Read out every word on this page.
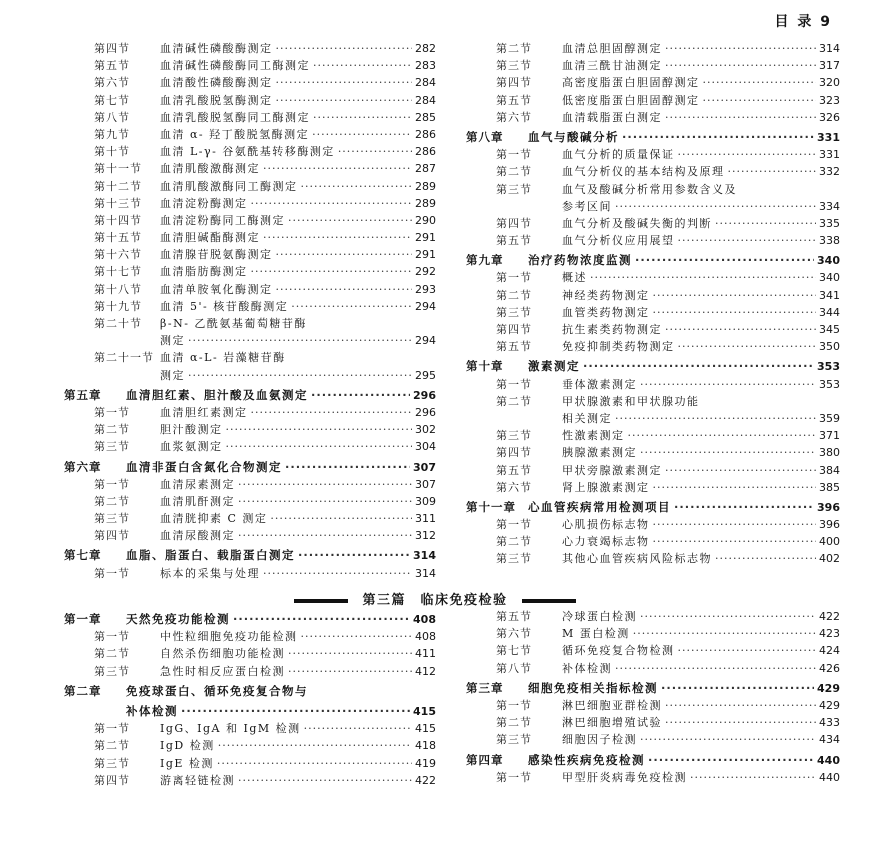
目 录 9
第四节	血清碱性磷酸酶测定 ·····	282
第五节	血清碱性磷酸酶同工酶测定 ·····	283
第六节	血清酸性磷酸酶测定 ·····	284
第七节	血清乳酸脱氢酶测定 ·····	284
第八节	血清乳酸脱氢酶同工酶测定 ·····	285
第九节	血清 α- 羟丁酸脱氢酶测定 ·····	286
第十节	血清 L-γ- 谷氨酰基转移酶测定 ·····	286
第十一节	血清肌酸激酶测定 ·····	287
第十二节	血清肌酸激酶同工酶测定 ·····	289
第十三节	血清淀粉酶测定 ·····	289
第十四节	血清淀粉酶同工酶测定 ·····	290
第十五节	血清胆碱酯酶测定 ·····	291
第十六节	血清腺苷脱氨酶测定 ·····	291
第十七节	血清脂肪酶测定 ·····	292
第十八节	血清单胺氧化酶测定 ·····	293
第十九节	血清 5'- 核苷酸酶测定 ·····	294
第二十节	β-N- 乙酰氨基葡萄糖苷酶
测定 ·····	294
第二十一节 血清 α-L- 岩藻糖苷酶
测定 ·····	295
第五章	血清胆红素、胆汁酸及血氨测定 ·····	296
第一节	血清胆红素测定 ·····	296
第二节	胆汁酸测定 ·····	302
第三节	血浆氨测定 ·····	304
第六章	血清非蛋白含氮化合物测定 ·····	307
第一节	血清尿素测定 ·····	307
第二节	血清肌酐测定 ·····	309
第三节	血清胱抑素 C 测定 ·····	311
第四节	血清尿酸测定 ·····	312
第七章	血脂、脂蛋白、载脂蛋白测定 ·····	314
第一节	标本的采集与处理 ·····	314
第二节	血清总胆固醇测定 ·····	314
第三节	血清三酰甘油测定 ·····	317
第四节	高密度脂蛋白胆固醇测定 ·····	320
第五节	低密度脂蛋白胆固醇测定 ·····	323
第六节	血清载脂蛋白测定 ·····	326
第八章	血气与酸碱分析 ·····	331
第一节	血气分析的质量保证 ·····	331
第二节	血气分析仪的基本结构及原理 ·····	332
第三节	血气及酸碱分析常用参数含义及
参考区间 ·····	334
第四节	血气分析及酸碱失衡的判断 ·····	335
第五节	血气分析仪应用展望 ·····	338
第九章	治疗药物浓度监测 ·····	340
第一节	概述 ·····	340
第二节	神经类药物测定 ·····	341
第三节	血管类药物测定 ·····	344
第四节	抗生素类药物测定 ·····	345
第五节	免疫抑制类药物测定 ·····	350
第十章	激素测定 ·····	353
第一节	垂体激素测定 ·····	353
第二节	甲状腺激素和甲状腺功能
相关测定 ·····	359
第三节	性激素测定 ·····	371
第四节	胰腺激素测定 ·····	380
第五节	甲状旁腺激素测定 ·····	384
第六节	肾上腺激素测定 ·····	385
第十一章	心血管疾病常用检测项目 ·····	396
第一节	心肌损伤标志物 ·····	396
第二节	心力衰竭标志物 ·····	400
第三节	其他心血管疾病风险标志物 ·····	402
第三篇　临床免疫检验
第一章	天然免疫功能检测 ·····	408
第一节	中性粒细胞免疫功能检测 ·····	408
第二节	自然杀伤细胞功能检测 ·····	411
第三节	急性时相反应蛋白检测 ·····	412
第二章	免疫球蛋白、循环免疫复合物与
补体检测 ·····	415
第一节	IgG、IgA 和 IgM 检测 ·····	415
第二节	IgD 检测 ·····	418
第三节	IgE 检测 ·····	419
第四节	游离轻链检测 ·····	422
第五节	冷球蛋白检测 ·····	422
第六节	M 蛋白检测 ·····	423
第七节	循环免疫复合物检测 ·····	424
第八节	补体检测 ·····	426
第三章	细胞免疫相关指标检测 ·····	429
第一节	淋巴细胞亚群检测 ·····	429
第二节	淋巴细胞增殖试验 ·····	433
第三节	细胞因子检测 ·····	434
第四章	感染性疾病免疫检测 ·····	440
第一节	甲型肝炎病毒免疫检测 ·····	440
